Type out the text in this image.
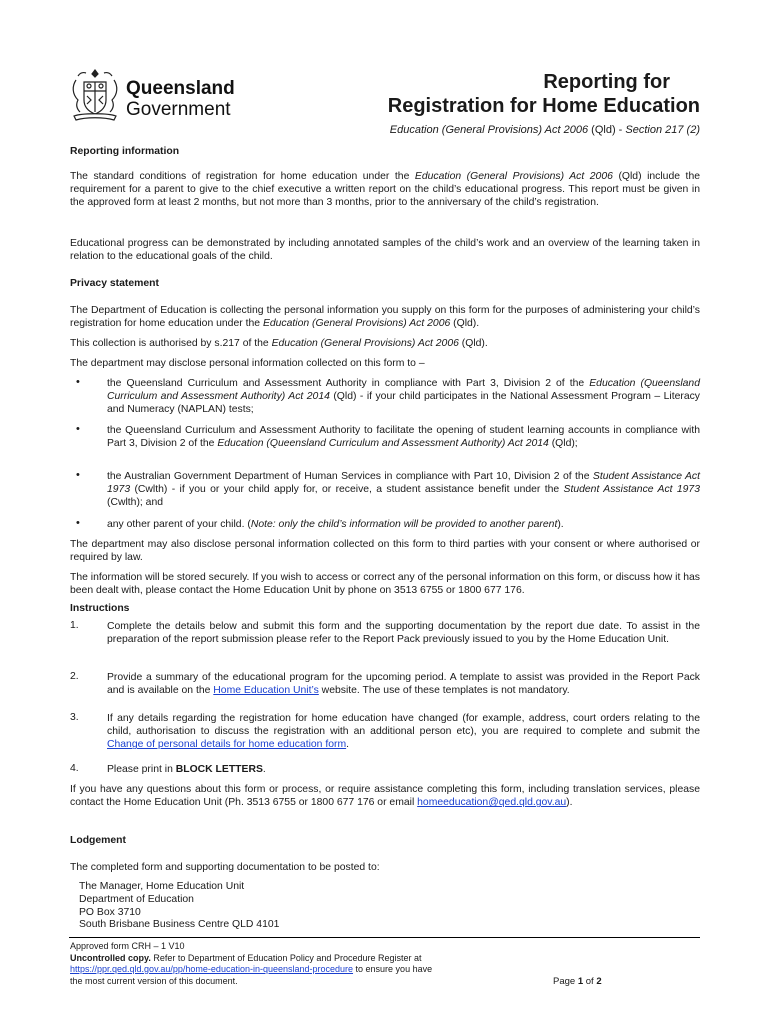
Queensland
Government
Reporting for
Registration for Home Education
Education (General Provisions) Act 2006 (Qld) - Section 217 (2)
Reporting information

The standard conditions of registration for home education under the Education (General Provisions) Act 2006 (Qld) include the requirement for a parent to give to the chief executive a written report on the child’s educational progress. This report must be given in the approved form at least 2 months, but not more than 3 months, prior to the anniversary of the child’s registration.

Educational progress can be demonstrated by including annotated samples of the child’s work and an overview of the learning taken in relation to the educational goals of the child.

Privacy statement

The Department of Education is collecting the personal information you supply on this form for the purposes of administering your child’s registration for home education under the Education (General Provisions) Act 2006 (Qld).

This collection is authorised by s.217 of the Education (General Provisions) Act 2006 (Qld).

The department may disclose personal information collected on this form to –

•	the Queensland Curriculum and Assessment Authority in compliance with Part 3, Division 2 of the Education (Queensland Curriculum and Assessment Authority) Act 2014 (Qld) - if your child participates in the National Assessment Program – Literacy and Numeracy (NAPLAN) tests;

•	the Queensland Curriculum and Assessment Authority to facilitate the opening of student learning accounts in compliance with Part 3, Division 2 of the Education (Queensland Curriculum and Assessment Authority) Act 2014 (Qld);

•	the Australian Government Department of Human Services in compliance with Part 10, Division 2 of the Student Assistance Act 1973 (Cwlth) - if you or your child apply for, or receive, a student assistance benefit under the Student Assistance Act 1973 (Cwlth); and

•	any other parent of your child. (Note: only the child’s information will be provided to another parent).

The department may also disclose personal information collected on this form to third parties with your consent or where authorised or required by law.

The information will be stored securely. If you wish to access or correct any of the personal information on this form, or discuss how it has been dealt with, please contact the Home Education Unit by phone on 3513 6755 or 1800 677 176.

Instructions
1.	Complete the details below and submit this form and the supporting documentation by the report due date. To assist in the preparation of the report submission please refer to the Report Pack previously issued to you by the Home Education Unit.

2.	Provide a summary of the educational program for the upcoming period. A template to assist was provided in the Report Pack and is available on the Home Education Unit’s website. The use of these templates is not mandatory.

3.	If any details regarding the registration for home education have changed (for example, address, court orders relating to the child, authorisation to discuss the registration with an additional person etc), you are required to complete and submit the Change of personal details for home education form.

4.	Please print in BLOCK LETTERS.

If you have any questions about this form or process, or require assistance completing this form, including translation services, please contact the Home Education Unit (Ph. 3513 6755 or 1800 677 176 or email homeeducation@qed.qld.gov.au).

Lodgement

The completed form and supporting documentation to be posted to:

The Manager, Home Education Unit
Department of Education
PO Box 3710
South Brisbane Business Centre QLD 4101
Approved form CRH – 1 V10
Uncontrolled copy. Refer to Department of Education Policy and Procedure Register at
https://ppr.qed.qld.gov.au/pp/home-education-in-queensland-procedure to ensure you have
the most current version of this document.	Page 1 of 2
